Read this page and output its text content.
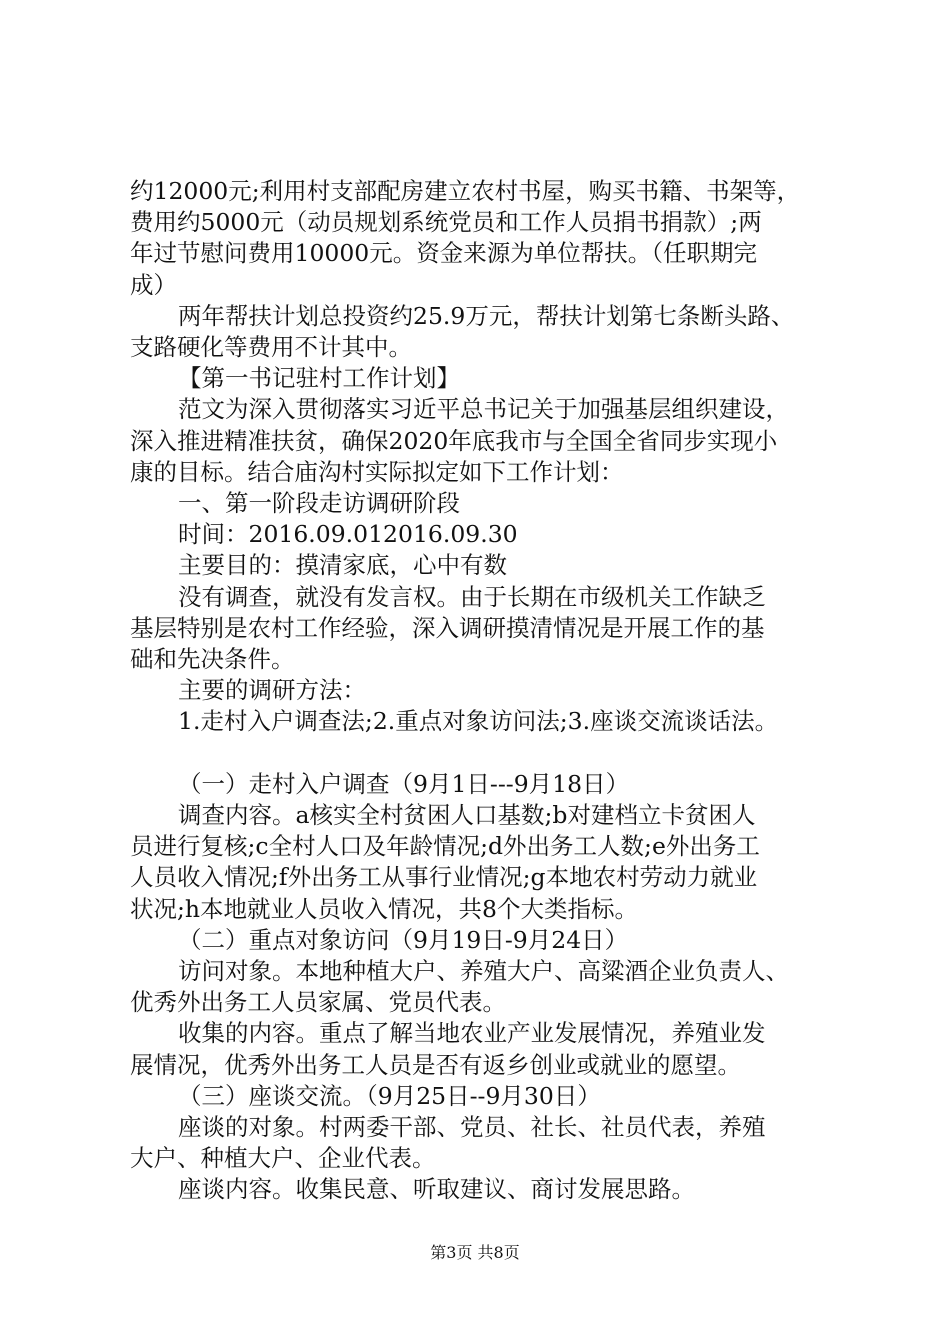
约12000元;利用村支部配房建立农村书屋，购买书籍、书架等，
费用约5000元（动员规划系统党员和工作人员捐书捐款）;两
年过节慰问费用10000元。资金来源为单位帮扶。（任职期完
成）
两年帮扶计划总投资约25.9万元，帮扶计划第七条断头路、
支路硬化等费用不计其中。
【第一书记驻村工作计划】
范文为深入贯彻落实习近平总书记关于加强基层组织建设，
深入推进精准扶贫，确保2020年底我市与全国全省同步实现小
康的目标。结合庙沟村实际拟定如下工作计划：
一、第一阶段走访调研阶段
时间：2016.09.012016.09.30
主要目的：摸清家底，心中有数
没有调查，就没有发言权。由于长期在市级机关工作缺乏
基层特别是农村工作经验，深入调研摸清情况是开展工作的基
础和先决条件。
主要的调研方法：
1.走村入户调查法;2.重点对象访问法;3.座谈交流谈话法。
（一）走村入户调查（9月1日---9月18日）
调查内容。a核实全村贫困人口基数;b对建档立卡贫困人
员进行复核;c全村人口及年龄情况;d外出务工人数;e外出务工
人员收入情况;f外出务工从事行业情况;g本地农村劳动力就业
状况;h本地就业人员收入情况，共8个大类指标。
（二）重点对象访问（9月19日-9月24日）
访问对象。本地种植大户、养殖大户、高粱酒企业负责人、
优秀外出务工人员家属、党员代表。
收集的内容。重点了解当地农业产业发展情况，养殖业发
展情况，优秀外出务工人员是否有返乡创业或就业的愿望。
（三）座谈交流。（9月25日--9月30日）
座谈的对象。村两委干部、党员、社长、社员代表，养殖
大户、种植大户、企业代表。
座谈内容。收集民意、听取建议、商讨发展思路。
第3页 共8页
